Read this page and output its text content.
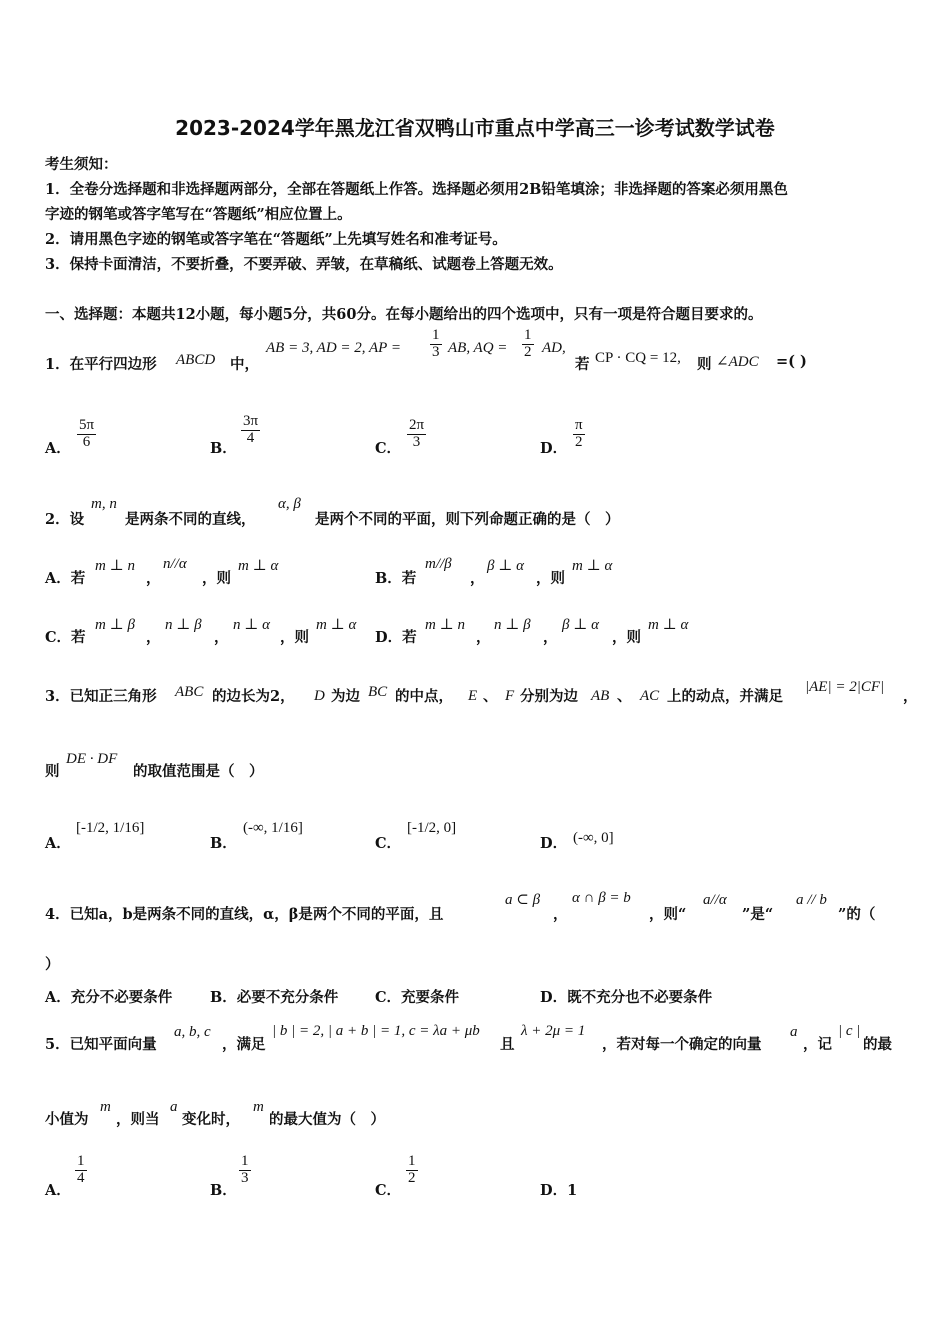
2023-2024学年黑龙江省双鸭山市重点中学高三一诊考试数学试卷
考生须知：
1．全卷分选择题和非选择题两部分，全部在答题纸上作答。选择题必须用2B铅笔填涂；非选择题的答案必须用黑色
字迹的钢笔或答字笔写在“答题纸”相应位置上。
2．请用黑色字迹的钢笔或答字笔在“答题纸”上先填写姓名和准考证号。
3．保持卡面清洁，不要折叠，不要弄破、弄皱，在草稿纸、试题卷上答题无效。
一、选择题：本题共12小题，每小题5分，共60分。在每小题给出的四个选项中，只有一项是符合题目要求的。
1．在平行四边形 ABCD 中，
AB = 3, AD = 2, AP = $\frac{1}{3}$ AB, AQ = $\frac{1}{2}$ AD,
若 CP · CQ = 12, 则 ∠ADC =( )
A． $\frac{5\pi}{6}$	B．
$\frac{3\pi}{4}$
C． $\frac{2\pi}{3}$	D． $\frac{\pi}{2}$
2．设
m, n
是两条不同的直线，
α, β
是两个不同的平面，则下列命题正确的是（　）
A．若
m ⊥ n
，
n//α
，则
m ⊥ α
B．若
m//β
，
β ⊥ α
，则
m ⊥ α
C．若
m ⊥ β
，
n ⊥ β
，
n ⊥ α
，则
m ⊥ α
D．若
m ⊥ n
，
n ⊥ β
，
β ⊥ α
，则
m ⊥ α
3．已知正三角形 ABC 的边长为2， D 为边 BC 的中点， E 、 F 分别为边 AB 、 AC 上的动点，并满足
|AE| = 2|CF|
，
则
DE · DF
的取值范围是（　）
A．
[-1/2, 1/16]
B．
(-∞, 1/16]
C．
[-1/2, 0]
D． (-∞, 0]
4．已知a，b是两条不同的直线，α，β是两个不同的平面，且
a ⊂ β
，
α ∩ β = b
，则“
a//α
”是“
a // b
”的（
）
A．充分不必要条件	B．必要不充分条件	C．充要条件	D．既不充分也不必要条件
5．已知平面向量
a, b, c
，满足
| b | = 2, | a + b | = 1, c = λa + μb
且
λ + 2μ = 1
，若对每一个确定的向量
a
，记
| c |
的最
小值为
m
，则当
a
变化时，
m
的最大值为（　）
A．
$\frac{1}{4}$
B．
$\frac{1}{3}$
C．
$\frac{1}{2}$
D．1
